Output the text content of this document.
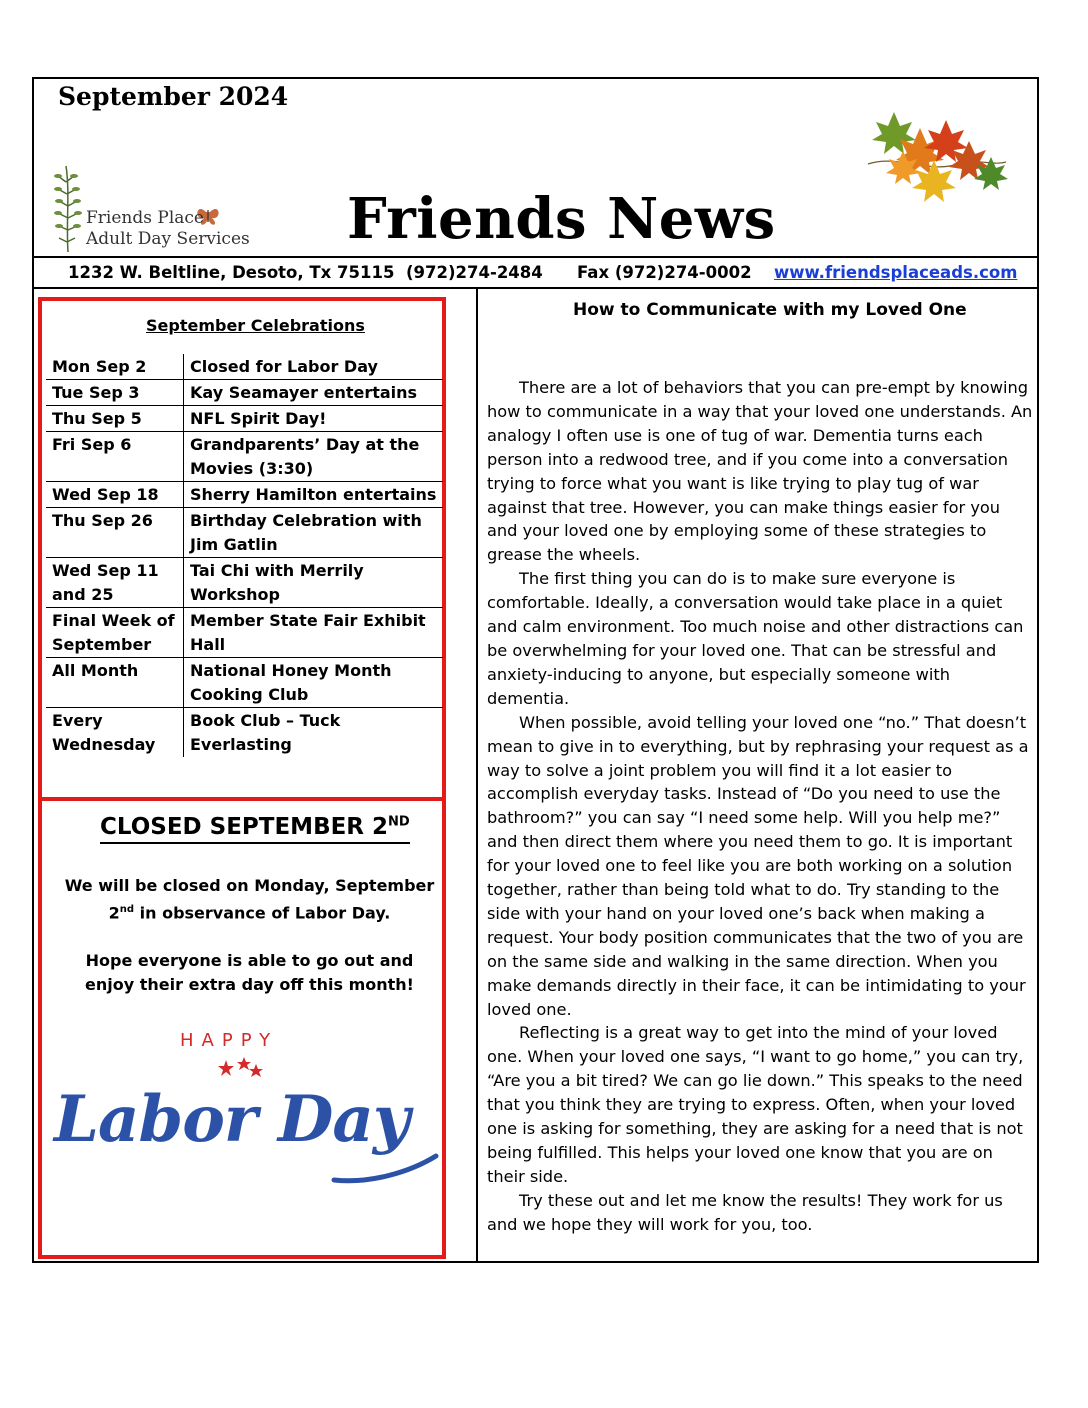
September 2024
Friends Place
Adult Day Services Friends News
1232 W. Beltline, Desoto, Tx 75115 (972)274-2484 Fax (972)274-0002 www.friendsplaceads.com
September Celebrations
Mon Sep 2	Closed for Labor Day
Tue Sep 3	Kay Seamayer entertains
Thu Sep 5	NFL Spirit Day!
Fri Sep 6	Grandparents’ Day at the Movies (3:30)
Wed Sep 18	Sherry Hamilton entertains
Thu Sep 26	Birthday Celebration with Jim Gatlin
Wed Sep 11 and 25	Tai Chi with Merrily Workshop
Final Week of September	Member State Fair Exhibit Hall
All Month	National Honey Month Cooking Club
Every Wednesday	Book Club – Tuck Everlasting
CLOSED SEPTEMBER 2ND

We will be closed on Monday, September 2nd in observance of Labor Day.

Hope everyone is able to go out and enjoy their extra day off this month!

HAPPY
Labor Day
How to Communicate with my Loved One

There are a lot of behaviors that you can pre-empt by knowing how to communicate in a way that your loved one understands. An analogy I often use is one of tug of war. Dementia turns each person into a redwood tree, and if you come into a conversation trying to force what you want is like trying to play tug of war against that tree. However, you can make things easier for you and your loved one by employing some of these strategies to grease the wheels.

The first thing you can do is to make sure everyone is comfortable. Ideally, a conversation would take place in a quiet and calm environment. Too much noise and other distractions can be overwhelming for your loved one. That can be stressful and anxiety-inducing to anyone, but especially someone with dementia.

When possible, avoid telling your loved one “no.” That doesn’t mean to give in to everything, but by rephrasing your request as a way to solve a joint problem you will find it a lot easier to accomplish everyday tasks. Instead of “Do you need to use the bathroom?” you can say “I need some help. Will you help me?” and then direct them where you need them to go. It is important for your loved one to feel like you are both working on a solution together, rather than being told what to do. Try standing to the side with your hand on your loved one’s back when making a request. Your body position communicates that the two of you are on the same side and walking in the same direction. When you make demands directly in their face, it can be intimidating to your loved one.

Reflecting is a great way to get into the mind of your loved one. When your loved one says, “I want to go home,” you can try, “Are you a bit tired? We can go lie down.” This speaks to the need that you think they are trying to express. Often, when your loved one is asking for something, they are asking for a need that is not being fulfilled. This helps your loved one know that you are on their side.

Try these out and let me know the results! They work for us and we hope they will work for you, too.
